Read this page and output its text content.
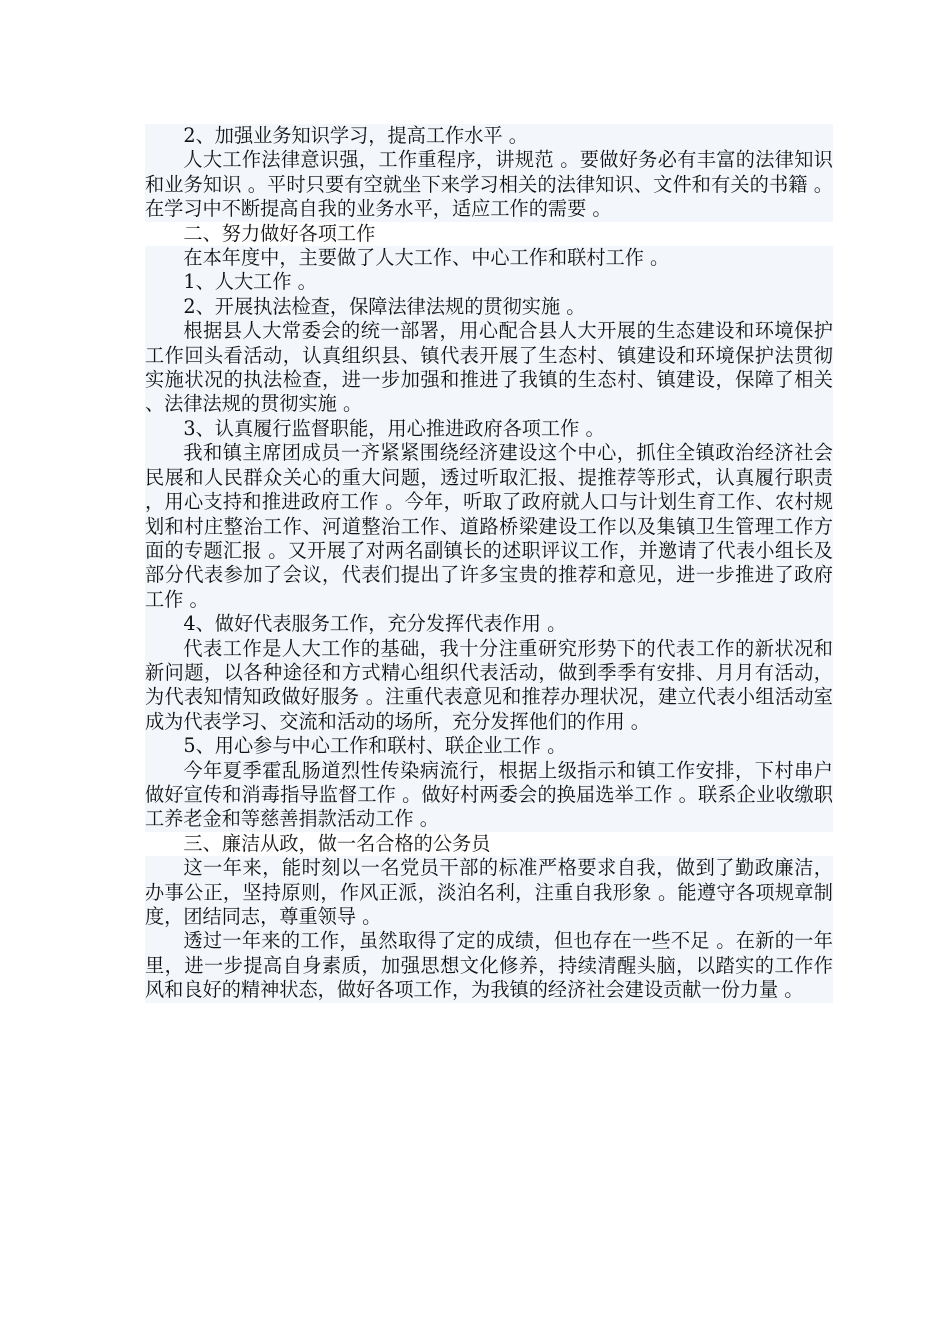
2、加强业务知识学习，提高工作水平 。

人大工作法律意识强，工作重程序，讲规范 。要做好务必有丰富的法律知识和业务知识 。平时只要有空就坐下来学习相关的法律知识、文件和有关的书籍 。在学习中不断提高自我的业务水平，适应工作的需要 。

二、努力做好各项工作

在本年度中，主要做了人大工作、中心工作和联村工作 。

1、人大工作 。

2、开展执法检查，保障法律法规的贯彻实施 。

根据县人大常委会的统一部署，用心配合县人大开展的生态建设和环境保护工作回头看活动，认真组织县、镇代表开展了生态村、镇建设和环境保护法贯彻实施状况的执法检查，进一步加强和推进了我镇的生态村、镇建设，保障了相关、法律法规的贯彻实施 。

3、认真履行监督职能，用心推进政府各项工作 。

我和镇主席团成员一齐紧紧围绕经济建设这个中心，抓住全镇政治经济社会民展和人民群众关心的重大问题，透过听取汇报、提推荐等形式，认真履行职责，用心支持和推进政府工作 。今年，听取了政府就人口与计划生育工作、农村规划和村庄整治工作、河道整治工作、道路桥梁建设工作以及集镇卫生管理工作方面的专题汇报 。又开展了对两名副镇长的述职评议工作，并邀请了代表小组长及部分代表参加了会议，代表们提出了许多宝贵的推荐和意见，进一步推进了政府工作 。

4、做好代表服务工作，充分发挥代表作用 。

代表工作是人大工作的基础，我十分注重研究形势下的代表工作的新状况和新问题，以各种途径和方式精心组织代表活动，做到季季有安排、月月有活动，为代表知情知政做好服务 。注重代表意见和推荐办理状况，建立代表小组活动室成为代表学习、交流和活动的场所，充分发挥他们的作用 。

5、用心参与中心工作和联村、联企业工作 。

今年夏季霍乱肠道烈性传染病流行，根据上级指示和镇工作安排，下村串户做好宣传和消毒指导监督工作 。做好村两委会的换届选举工作 。联系企业收缴职工养老金和等慈善捐款活动工作 。

三、廉洁从政，做一名合格的公务员

这一年来，能时刻以一名党员干部的标准严格要求自我，做到了勤政廉洁，办事公正，坚持原则，作风正派，淡泊名利，注重自我形象 。能遵守各项规章制度，团结同志，尊重领导 。

透过一年来的工作，虽然取得了定的成绩，但也存在一些不足 。在新的一年里，进一步提高自身素质，加强思想文化修养，持续清醒头脑，以踏实的工作作风和良好的精神状态，做好各项工作，为我镇的经济社会建设贡献一份力量 。
